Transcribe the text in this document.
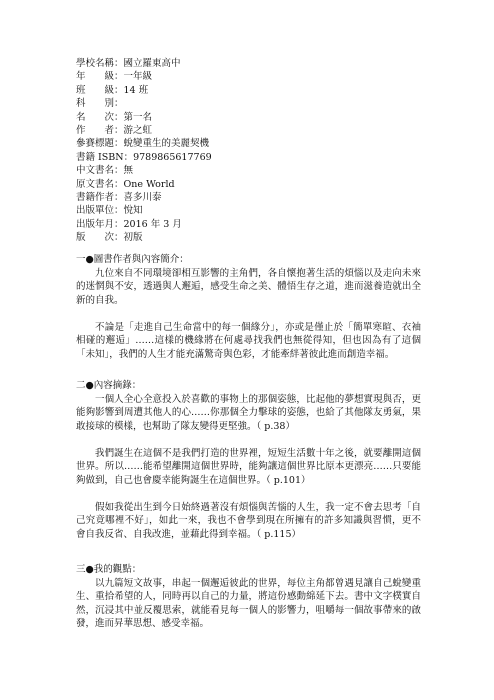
學校名稱：國立羅東高中
年　　級：一年級
班　　級：14 班
科　　別：
名　　次：第一名
作　　者：游之虹
參賽標題：蛻變重生的美麗契機
書籍 ISBN：9789865617769
中文書名：無
原文書名：One World
書籍作者：喜多川泰
出版單位：悅知
出版年月：2016 年 3 月
版　　次：初版
一●圖書作者與內容簡介：

九位來自不同環境卻相互影響的主角們，各自懷抱著生活的煩惱以及走向未來的迷惘與不安，透過與人邂逅，感受生命之美、體悟生存之道，進而滋養造就出全新的自我。

不論是「走進自己生命當中的每一個緣分」，亦或是僅止於「簡單寒暄、衣袖相碰的邂逅」……這樣的機緣將在何處尋找我們也無從得知，但也因為有了這個「未知」，我們的人生才能充滿驚奇與色彩，才能牽絆著彼此進而創造幸福。

二●內容摘錄：

一個人全心全意投入於喜歡的事物上的那個姿態，比起他的夢想實現與否，更能夠影響到周遭其他人的心……你那個全力擊球的姿態，也給了其他隊友勇氣，果敢接球的模樣，也幫助了隊友變得更堅強。（ p.38）

我們誕生在這個不是我們打造的世界裡，短短生活數十年之後，就要離開這個世界。所以……能希望離開這個世界時，能夠讓這個世界比原本更漂亮……只要能夠做到，自己也會慶幸能夠誕生在這個世界。（ p.101）

假如我從出生到今日始終過著沒有煩惱與苦惱的人生，我一定不會去思考「自己究竟哪裡不好」，如此一來，我也不會學到現在所擁有的許多知識與習慣，更不會自我反省、自我改進，並藉此得到幸福。（ p.115）

三●我的觀點：

以九篇短文故事，串起一個邂逅彼此的世界，每位主角都曾遇見讓自己蛻變重生、重拾希望的人，同時再以自己的力量，將這份感動綿延下去。書中文字樸實自然，沉浸其中並反覆思索，就能看見每一個人的影響力，咀嚼每一個故事帶來的啟發，進而昇華思想、感受幸福。
